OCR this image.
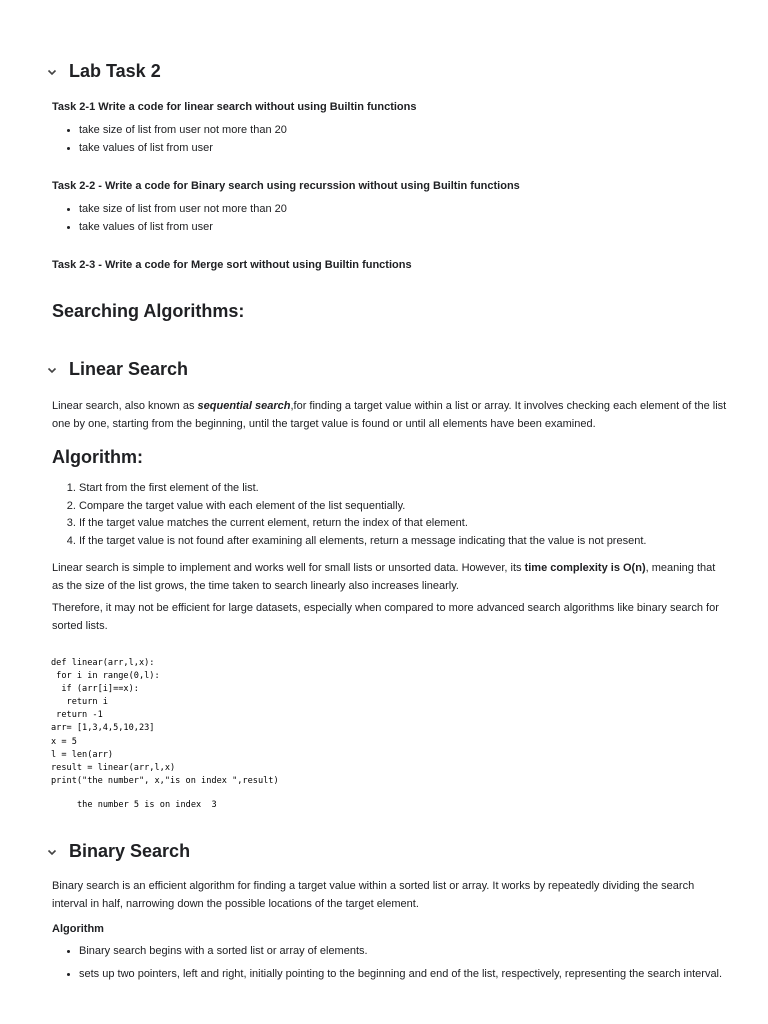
Lab Task 2
Task 2-1 Write a code for linear search without using Builtin functions
• take size of list from user not more than 20
• take values of list from user
Task 2-2 - Write a code for Binary search using recurssion without using Builtin functions
• take size of list from user not more than 20
• take values of list from user
Task 2-3 - Write a code for Merge sort without using Builtin functions
Searching Algorithms:
Linear Search

Linear search, also known as sequential search,for finding a target value within a list or array. It involves checking each element of the list one by one, starting from the beginning, until the target value is found or until all elements have been examined.

Algorithm:
1. Start from the first element of the list.
2. Compare the target value with each element of the list sequentially.
3. If the target value matches the current element, return the index of that element.
4. If the target value is not found after examining all elements, return a message indicating that the value is not present.

Linear search is simple to implement and works well for small lists or unsorted data. However, its time complexity is O(n), meaning that as the size of the list grows, the time taken to search linearly also increases linearly.

Therefore, it may not be efficient for large datasets, especially when compared to more advanced search algorithms like binary search for sorted lists.

def linear(arr,l,x):
for i in range(0,l):
if (arr[i]==x):
return i
return -1
arr= [1,3,4,5,10,23]
x = 5
l = len(arr)
result = linear(arr,l,x)
print("the number", x,"is on index ",result)
the number 5 is on index  3
Binary Search

Binary search is an efficient algorithm for finding a target value within a sorted list or array. It works by repeatedly dividing the search interval in half, narrowing down the possible locations of the target element.

Algorithm
• Binary search begins with a sorted list or array of elements.
• sets up two pointers, left and right, initially pointing to the beginning and end of the list, respectively, representing the search interval.
